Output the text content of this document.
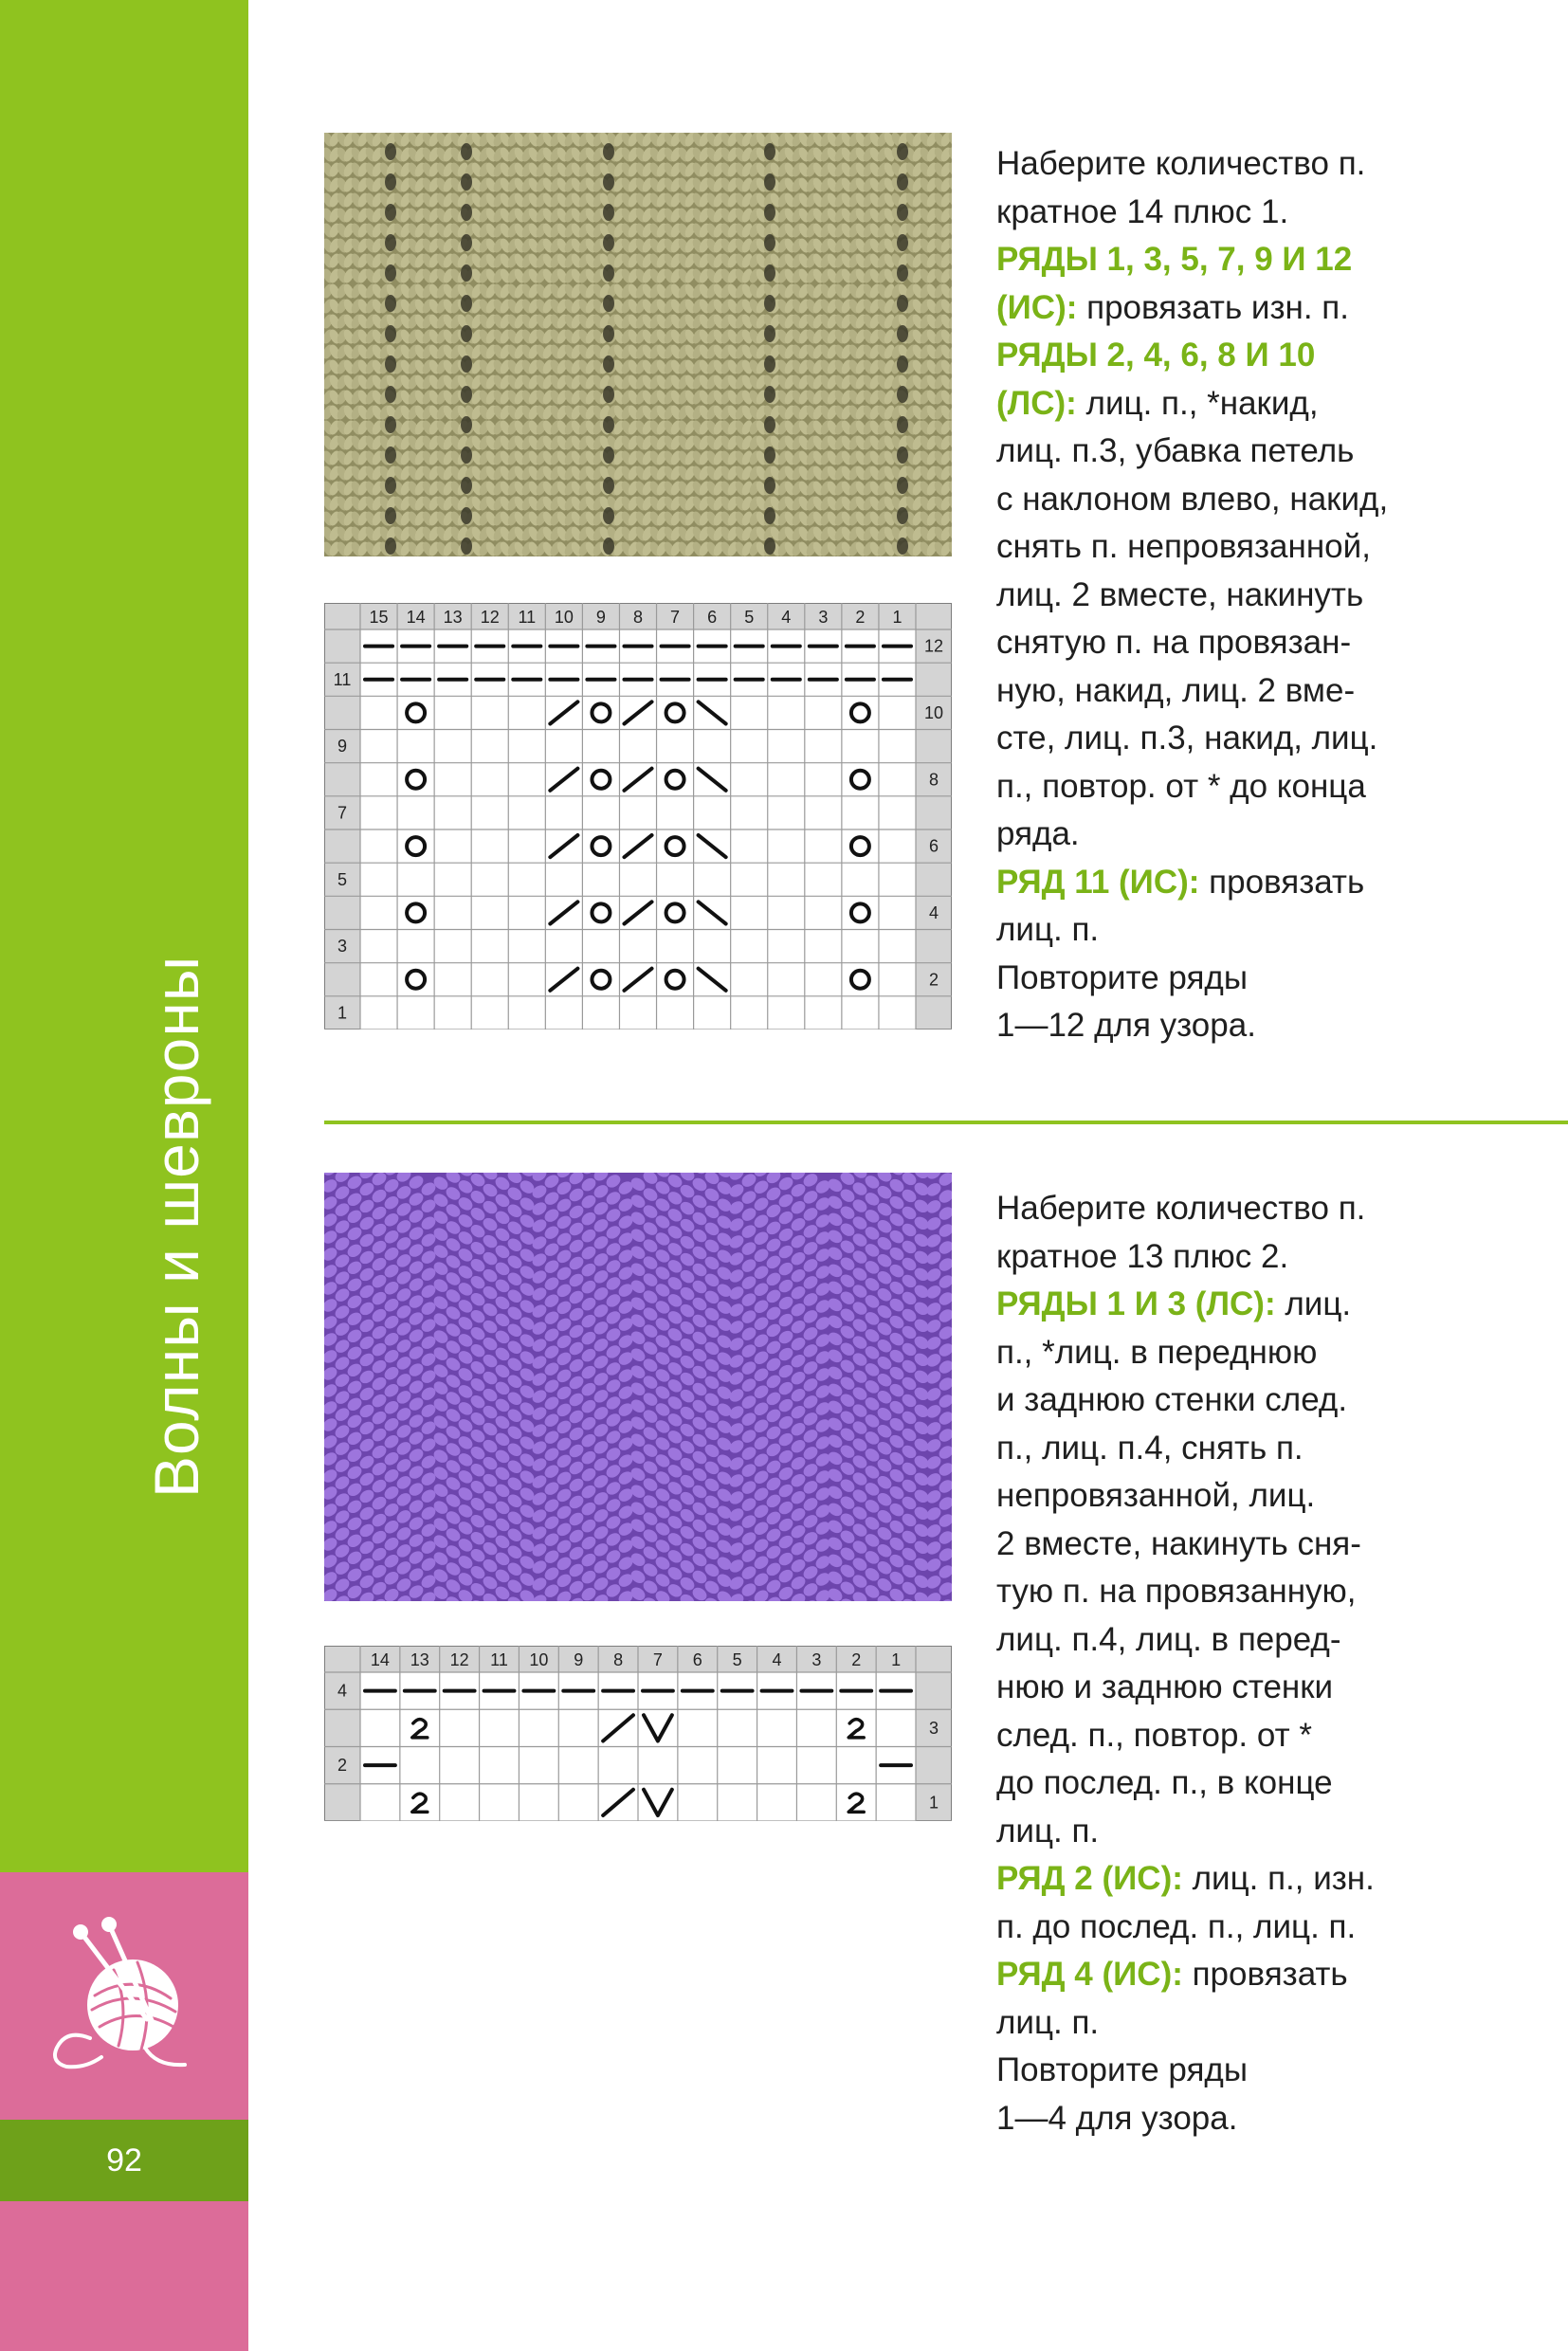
92
Волны и шевроны
15 14 13 12 11 10 9 8 7 6 5 4 3 2 1
12
11
10
9
8
7
6
5
4
3
2
1
Наберите количество п.
кратное 14 плюс 1.
РЯДЫ 1, 3, 5, 7, 9 И 12
(ИС): провязать изн. п.
РЯДЫ 2, 4, 6, 8 И 10
(ЛС): лиц. п., *накид,
лиц. п.3, убавка петель
с наклоном влево, накид,
снять п. непровязанной,
лиц. 2 вместе, накинуть
снятую п. на провязан-
ную, накид, лиц. 2 вме-
сте, лиц. п.3, накид, лиц.
п., повтор. от * до конца
ряда.
РЯД 11 (ИС): провязать
лиц. п.
Повторите ряды
1—12 для узора.
14 13 12 11 10 9 8 7 6 5 4 3 2 1
4
3
2
1
Наберите количество п.
кратное 13 плюс 2.
РЯДЫ 1 И 3 (ЛС): лиц.
п., *лиц. в переднюю
и заднюю стенки след.
п., лиц. п.4, снять п.
непровязанной, лиц.
2 вместе, накинуть сня-
тую п. на провязанную,
лиц. п.4, лиц. в перед-
нюю и заднюю стенки
след. п., повтор. от *
до послед. п., в конце
лиц. п.
РЯД 2 (ИС): лиц. п., изн.
п. до послед. п., лиц. п.
РЯД 4 (ИС): провязать
лиц. п.
Повторите ряды
1—4 для узора.
